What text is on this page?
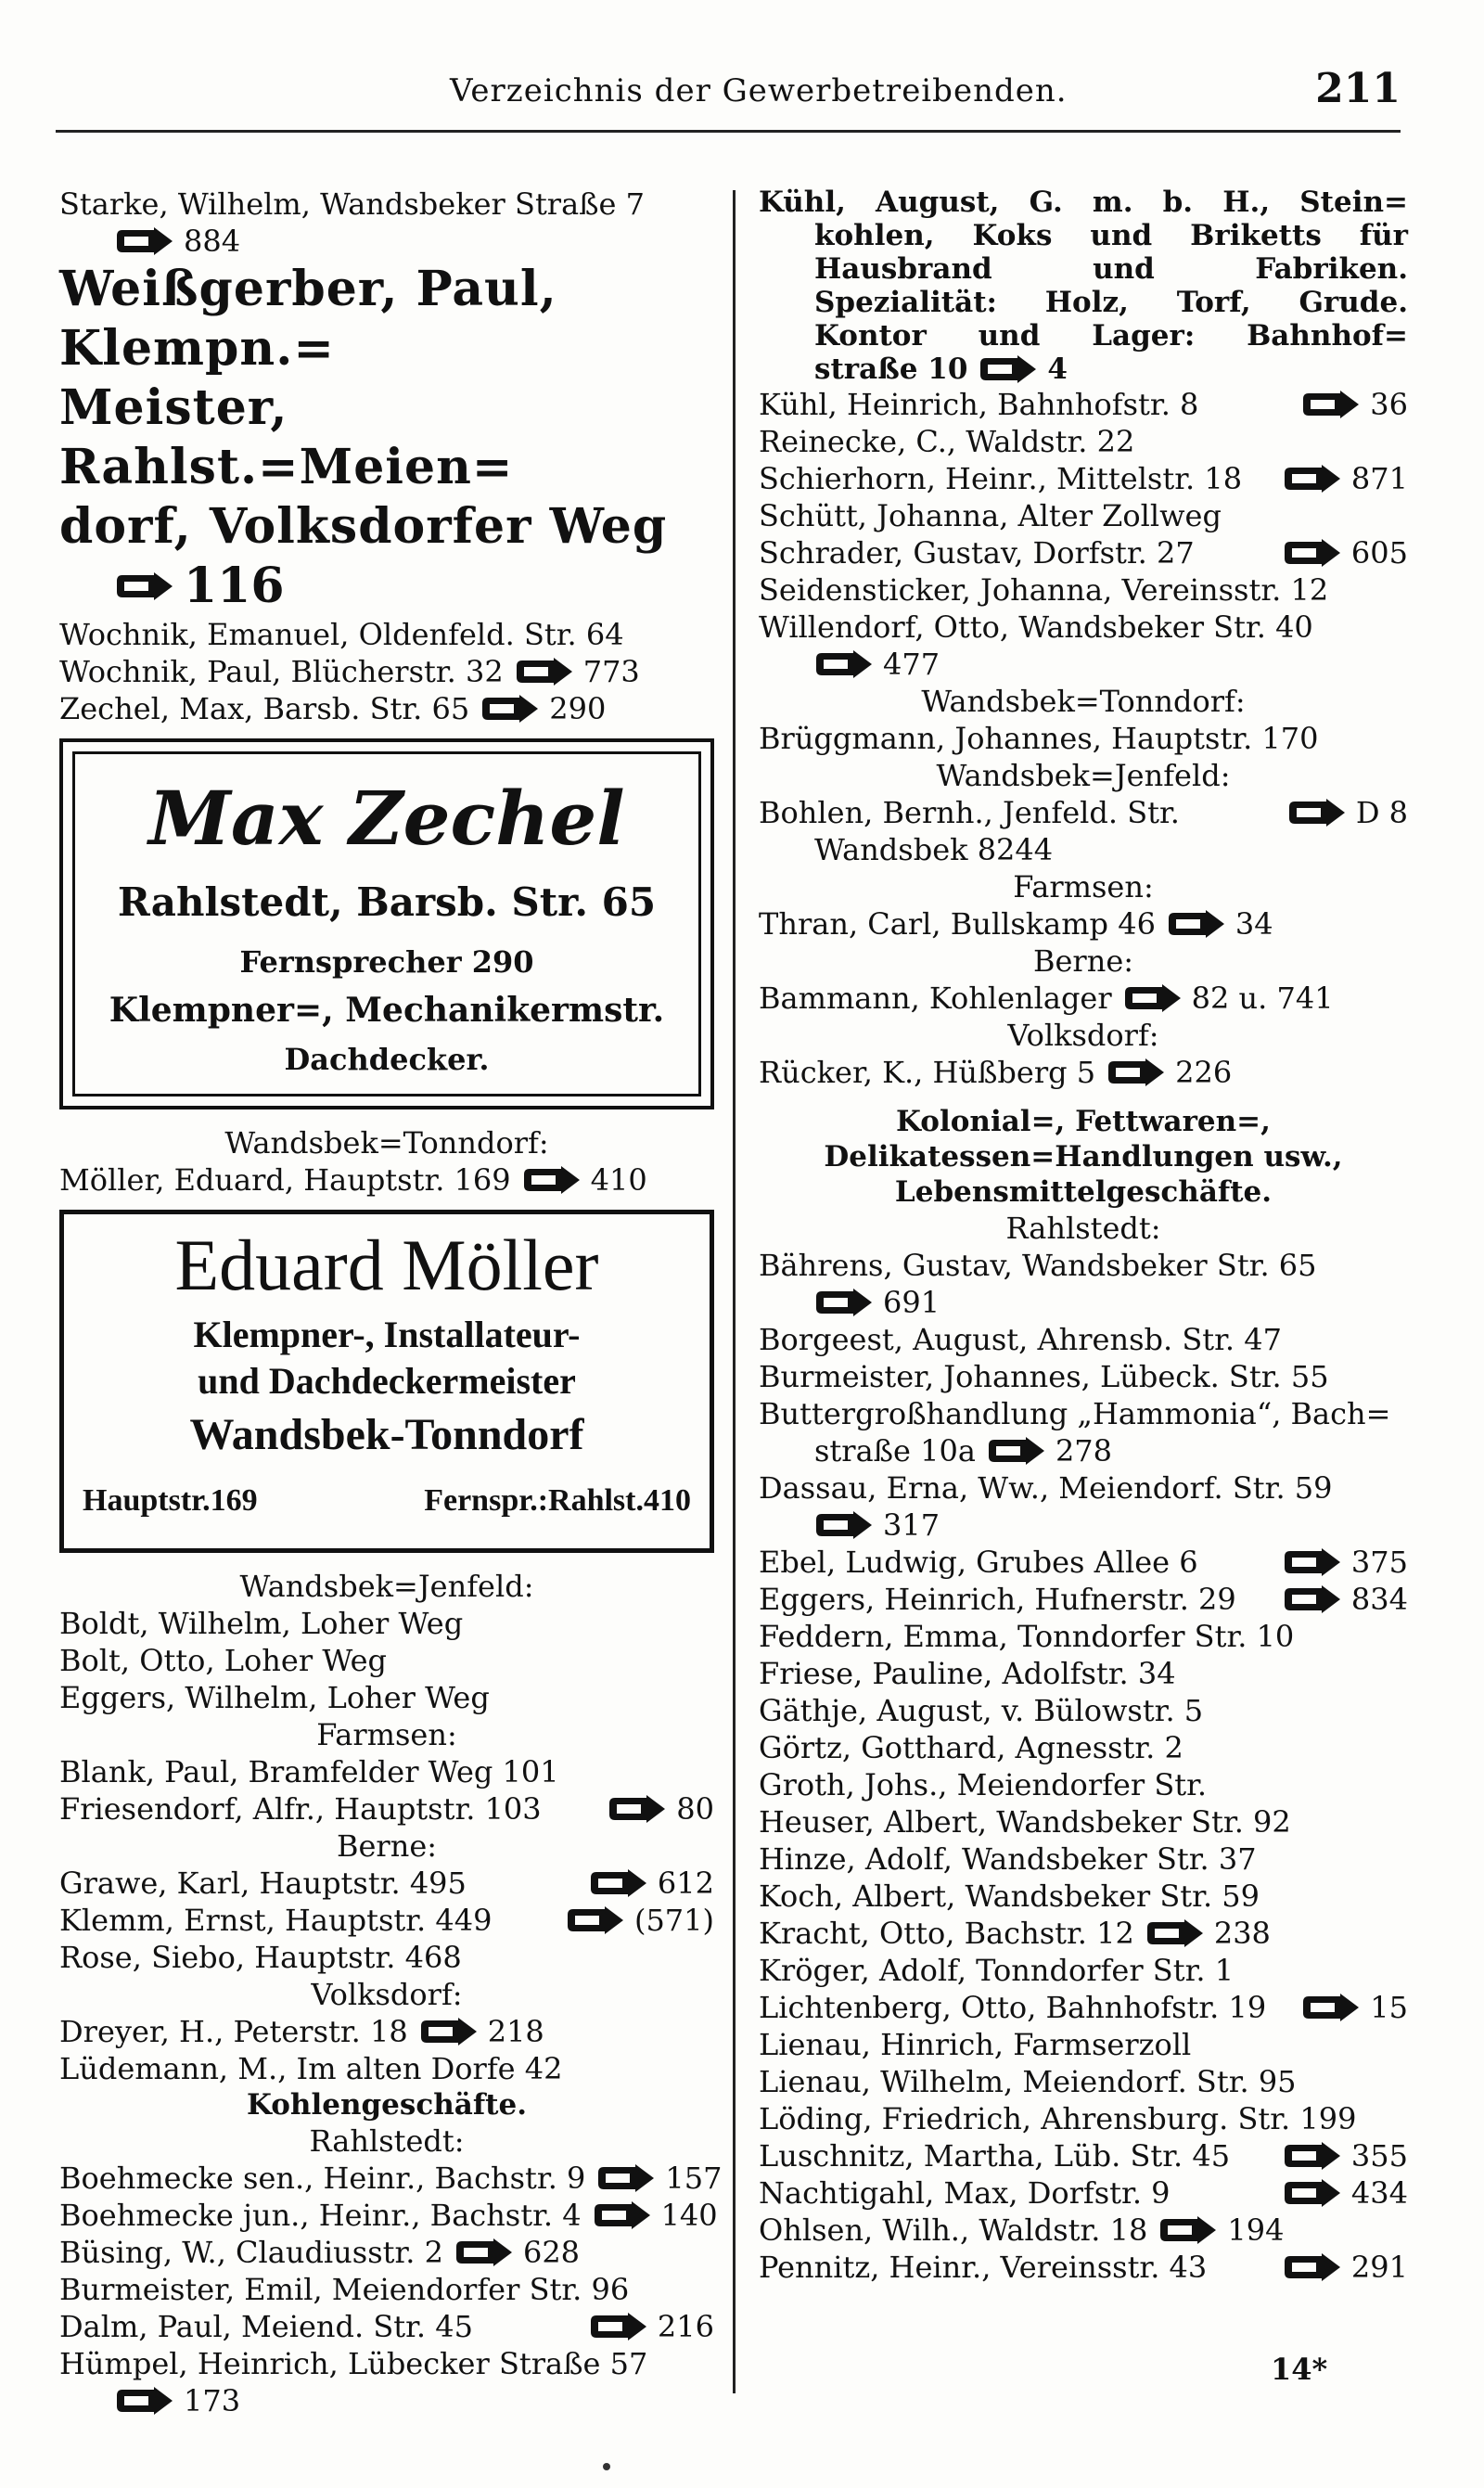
Verzeichnis der Gewerbetreibenden.	211
Starke, Wilhelm, Wandsbeker Straße 7
884
Weißgerber, Paul, Klempn.=
Meister, Rahlst.=Meien=
dorf, Volksdorfer Weg
116
Wochnik, Emanuel, Oldenfeld. Str. 64
Wochnik, Paul, Blücherstr. 32	773
Zechel, Max, Barsb. Str. 65	290
Max Zechel
Rahlstedt, Barsb. Str. 65
Fernsprecher 290
Klempner=, Mechanikermstr.
Dachdecker.
Wandsbek=Tonndorf:
Möller, Eduard, Hauptstr. 169	410
Eduard Möller
Klempner-, Installateur-
und Dachdeckermeister
Wandsbek-Tonndorf
Hauptstr.169	Fernspr.:Rahlst.410
Wandsbek=Jenfeld:
Boldt, Wilhelm, Loher Weg
Bolt, Otto, Loher Weg
Eggers, Wilhelm, Loher Weg
Farmsen:
Blank, Paul, Bramfelder Weg 101
Friesendorf, Alfr., Hauptstr. 103	80
Berne:
Grawe, Karl, Hauptstr. 495	612
Klemm, Ernst, Hauptstr. 449	(571)
Rose, Siebo, Hauptstr. 468
Volksdorf:
Dreyer, H., Peterstr. 18	218
Lüdemann, M., Im alten Dorfe 42
Kohlengeschäfte.
Rahlstedt:
Boehmecke sen., Heinr., Bachstr. 9	157
Boehmecke jun., Heinr., Bachstr. 4	140
Büsing, W., Claudiusstr. 2	628
Burmeister, Emil, Meiendorfer Str. 96
Dalm, Paul, Meiend. Str. 45	216
Hümpel, Heinrich, Lübecker Straße 57
173
Kühl, August, G. m. b. H., Stein=
kohlen, Koks und Briketts für
Hausbrand und Fabriken.
Spezialität: Holz, Torf, Grude.
Kontor und Lager: Bahnhof=
straße 10	4
Kühl, Heinrich, Bahnhofstr. 8	36
Reinecke, C., Waldstr. 22
Schierhorn, Heinr., Mittelstr. 18	871
Schütt, Johanna, Alter Zollweg
Schrader, Gustav, Dorfstr. 27	605
Seidensticker, Johanna, Vereinsstr. 12
Willendorf, Otto, Wandsbeker Str. 40
477
Wandsbek=Tonndorf:
Brüggmann, Johannes, Hauptstr. 170
Wandsbek=Jenfeld:
Bohlen, Bernh., Jenfeld. Str.	D 8
Wandsbek 8244
Farmsen:
Thran, Carl, Bullskamp 46	34
Berne:
Bammann, Kohlenlager	82 u. 741
Volksdorf:
Rücker, K., Hüßberg 5	226
Kolonial=, Fettwaren=,
Delikatessen=Handlungen usw.,
Lebensmittelgeschäfte.
Rahlstedt:
Bährens, Gustav, Wandsbeker Str. 65
691
Borgeest, August, Ahrensb. Str. 47
Burmeister, Johannes, Lübeck. Str. 55
Buttergroßhandlung „Hammonia“, Bach=
straße 10a	278
Dassau, Erna, Ww., Meiendorf. Str. 59
317
Ebel, Ludwig, Grubes Allee 6	375
Eggers, Heinrich, Hufnerstr. 29	834
Feddern, Emma, Tonndorfer Str. 10
Friese, Pauline, Adolfstr. 34
Gäthje, August, v. Bülowstr. 5
Görtz, Gotthard, Agnesstr. 2
Groth, Johs., Meiendorfer Str.
Heuser, Albert, Wandsbeker Str. 92
Hinze, Adolf, Wandsbeker Str. 37
Koch, Albert, Wandsbeker Str. 59
Kracht, Otto, Bachstr. 12	238
Kröger, Adolf, Tonndorfer Str. 1
Lichtenberg, Otto, Bahnhofstr. 19	15
Lienau, Hinrich, Farmserzoll
Lienau, Wilhelm, Meiendorf. Str. 95
Löding, Friedrich, Ahrensburg. Str. 199
Luschnitz, Martha, Lüb. Str. 45	355
Nachtigahl, Max, Dorfstr. 9	434
Ohlsen, Wilh., Waldstr. 18	194
Pennitz, Heinr., Vereinsstr. 43	291
14*
